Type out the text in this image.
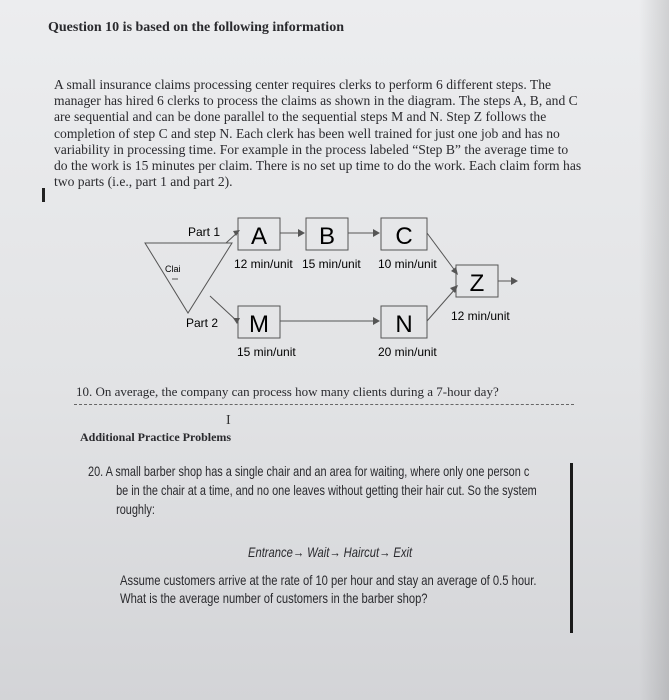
Question 10 is based on the following information

A small insurance claims processing center requires clerks to perform 6 different steps. The
manager has hired 6 clerks to process the claims as shown in the diagram. The steps A, B, and C
are sequential and can be done parallel to the sequential steps M and N. Step Z follows the
completion of step C and step N. Each clerk has been well trained for just one job and has no
variability in processing time. For example in the process labeled “Step B” the average time to
do the work is 15 minutes per claim. There is no set up time to do the work. Each claim form has
two parts (i.e., part 1 and part 2).

Clai
Part 1
Part 2
A B	C
M	N
Z
12 min/unit 15 min/unit 10 min/unit
15 min/unit	20 min/unit
12 min/unit

10. On average, the company can process how many clients during a 7-hour day?

I
Additional Practice Problems

20. A small barber shop has a single chair and an area for waiting, where only one person c
be in the chair at a time, and no one leaves without getting their hair cut. So the system
roughly:

Entrance→ Wait→ Haircut→ Exit

Assume customers arrive at the rate of 10 per hour and stay an average of 0.5 hour.
What is the average number of customers in the barber shop?
